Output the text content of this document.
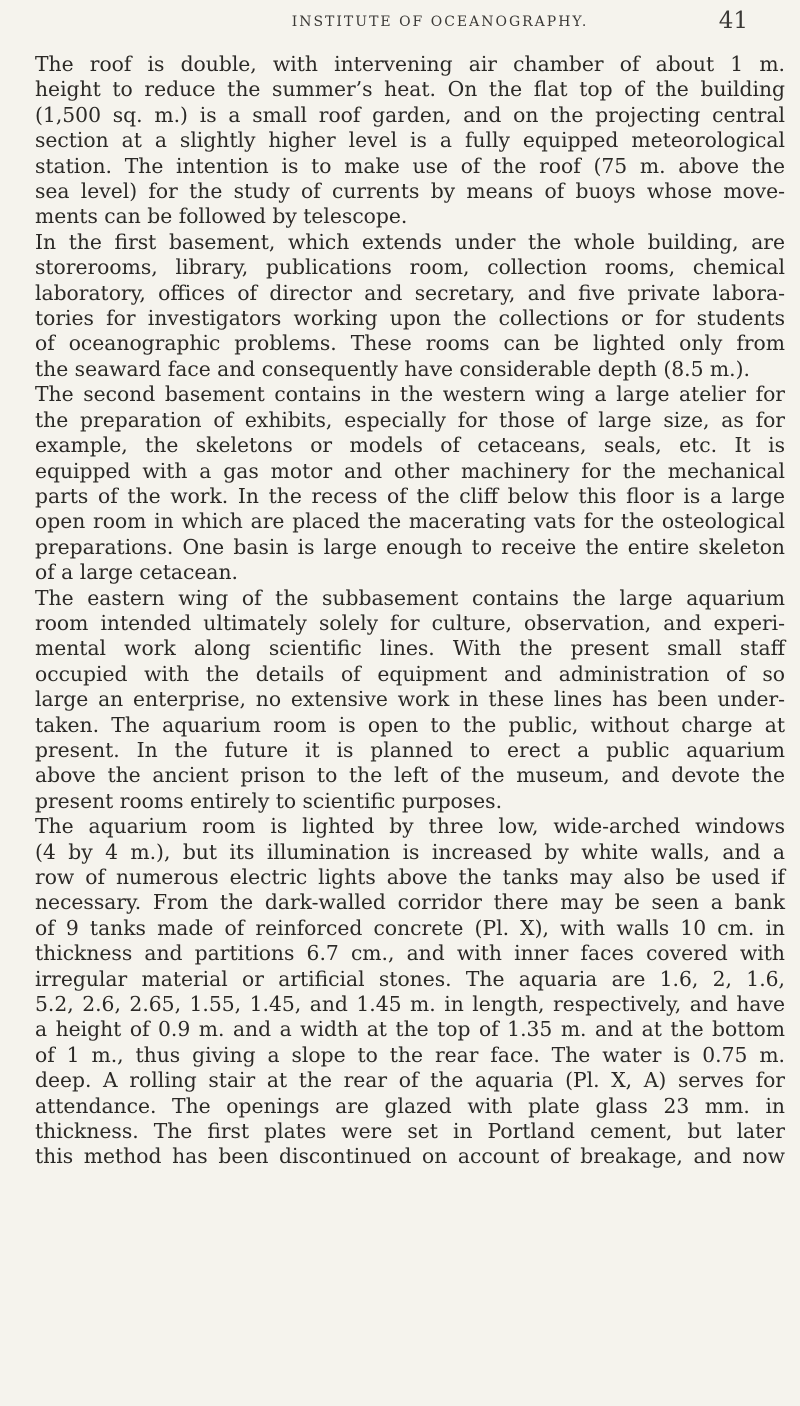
INSTITUTE OF OCEANOGRAPHY.	41
The roof is double, with intervening air chamber of about 1 m.
height to reduce the summer’s heat. On the flat top of the building
(1,500 sq. m.) is a small roof garden, and on the projecting central
section at a slightly higher level is a fully equipped meteorological
station. The intention is to make use of the roof (75 m. above the
sea level) for the study of currents by means of buoys whose move-
ments can be followed by telescope.
In the first basement, which extends under the whole building, are
storerooms, library, publications room, collection rooms, chemical
laboratory, offices of director and secretary, and five private labora-
tories for investigators working upon the collections or for students
of oceanographic problems. These rooms can be lighted only from
the seaward face and consequently have considerable depth (8.5 m.).
The second basement contains in the western wing a large atelier for
the preparation of exhibits, especially for those of large size, as for
example, the skeletons or models of cetaceans, seals, etc. It is
equipped with a gas motor and other machinery for the mechanical
parts of the work. In the recess of the cliff below this floor is a large
open room in which are placed the macerating vats for the osteological
preparations. One basin is large enough to receive the entire skeleton
of a large cetacean.
The eastern wing of the subbasement contains the large aquarium
room intended ultimately solely for culture, observation, and experi-
mental work along scientific lines. With the present small staff
occupied with the details of equipment and administration of so
large an enterprise, no extensive work in these lines has been under-
taken. The aquarium room is open to the public, without charge at
present. In the future it is planned to erect a public aquarium
above the ancient prison to the left of the museum, and devote the
present rooms entirely to scientific purposes.
The aquarium room is lighted by three low, wide-arched windows
(4 by 4 m.), but its illumination is increased by white walls, and a
row of numerous electric lights above the tanks may also be used if
necessary. From the dark-walled corridor there may be seen a bank
of 9 tanks made of reinforced concrete (Pl. X), with walls 10 cm. in
thickness and partitions 6.7 cm., and with inner faces covered with
irregular material or artificial stones. The aquaria are 1.6, 2, 1.6,
5.2, 2.6, 2.65, 1.55, 1.45, and 1.45 m. in length, respectively, and have
a height of 0.9 m. and a width at the top of 1.35 m. and at the bottom
of 1 m., thus giving a slope to the rear face. The water is 0.75 m.
deep. A rolling stair at the rear of the aquaria (Pl. X, A) serves for
attendance. The openings are glazed with plate glass 23 mm. in
thickness. The first plates were set in Portland cement, but later
this method has been discontinued on account of breakage, and now
